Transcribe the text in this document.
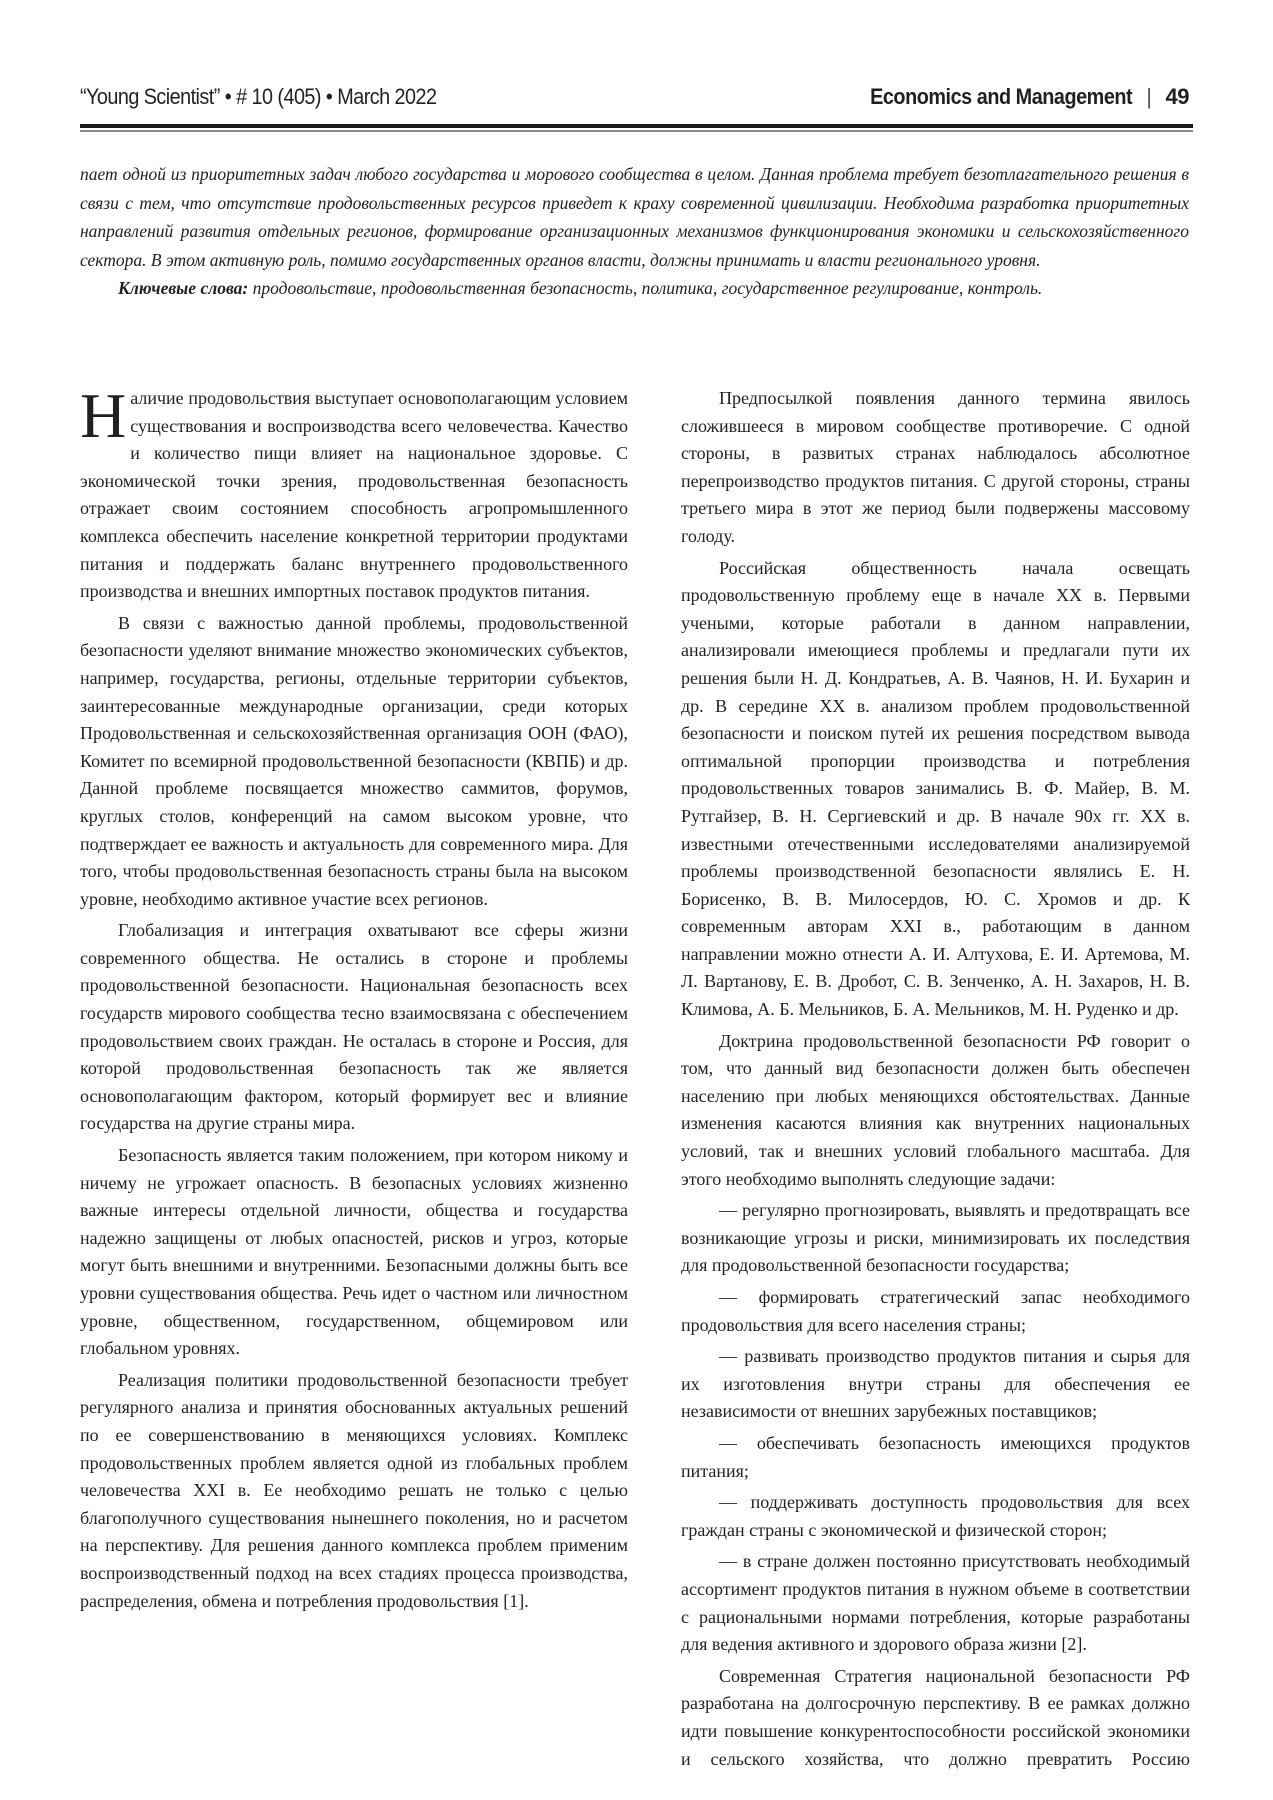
“Young Scientist” • # 10 (405) • March 2022	Economics and Management | 49

пает одной из приоритетных задач любого государства и морового сообщества в целом. Данная проблема требует безотлагательного решения в связи с тем, что отсутствие продовольственных ресурсов приведет к краху современной цивилизации. Необходима разработка приоритетных направлений развития отдельных регионов, формирование организационных механизмов функционирования экономики и сельскохозяйственного сектора. В этом активную роль, помимо государственных органов власти, должны принимать и власти регионального уровня.

Ключевые слова: продовольствие, продовольственная безопасность, политика, государственное регулирование, контроль.

Наличие продовольствия выступает основополагающим условием существования и воспроизводства всего человечества. Качество и количество пищи влияет на национальное здоровье. С экономической точки зрения, продовольственная безопасность отражает своим состоянием способность агропромышленного комплекса обеспечить население конкретной территории продуктами питания и поддержать баланс внутреннего продовольственного производства и внешних импортных поставок продуктов питания.

В связи с важностью данной проблемы, продовольственной безопасности уделяют внимание множество экономических субъектов, например, государства, регионы, отдельные территории субъектов, заинтересованные международные организации, среди которых Продовольственная и сельскохозяйственная организация ООН (ФАО), Комитет по всемирной продовольственной безопасности (КВПБ) и др. Данной проблеме посвящается множество саммитов, форумов, круглых столов, конференций на самом высоком уровне, что подтверждает ее важность и актуальность для современного мира. Для того, чтобы продовольственная безопасность страны была на высоком уровне, необходимо активное участие всех регионов.

Глобализация и интеграция охватывают все сферы жизни современного общества. Не остались в стороне и проблемы продовольственной безопасности. Национальная безопасность всех государств мирового сообщества тесно взаимосвязана с обеспечением продовольствием своих граждан. Не осталась в стороне и Россия, для которой продовольственная безопасность так же является основополагающим фактором, который формирует вес и влияние государства на другие страны мира.

Безопасность является таким положением, при котором никому и ничему не угрожает опасность. В безопасных условиях жизненно важные интересы отдельной личности, общества и государства надежно защищены от любых опасностей, рисков и угроз, которые могут быть внешними и внутренними. Безопасными должны быть все уровни существования общества. Речь идет о частном или личностном уровне, общественном, государственном, общемировом или глобальном уровнях.

Реализация политики продовольственной безопасности требует регулярного анализа и принятия обоснованных актуальных решений по ее совершенствованию в меняющихся условиях. Комплекс продовольственных проблем является одной из глобальных проблем человечества XXI в. Ее необходимо решать не только с целью благополучного существования нынешнего поколения, но и расчетом на перспективу. Для решения данного комплекса проблем применим воспроизводственный подход на всех стадиях процесса производства, распределения, обмена и потребления продовольствия [1].

Предпосылкой появления данного термина явилось сложившееся в мировом сообществе противоречие. С одной стороны, в развитых странах наблюдалось абсолютное перепроизводство продуктов питания. С другой стороны, страны третьего мира в этот же период были подвержены массовому голоду.

Российская общественность начала освещать продовольственную проблему еще в начале XX в. Первыми учеными, которые работали в данном направлении, анализировали имеющиеся проблемы и предлагали пути их решения были Н. Д. Кондратьев, А. В. Чаянов, Н. И. Бухарин и др. В середине XX в. анализом проблем продовольственной безопасности и поиском путей их решения посредством вывода оптимальной пропорции производства и потребления продовольственных товаров занимались В. Ф. Майер, В. М. Рутгайзер, В. Н. Сергиевский и др. В начале 90х гг. XX в. известными отечественными исследователями анализируемой проблемы производственной безопасности являлись Е. Н. Борисенко, В. В. Милосердов, Ю. С. Хромов и др. К современным авторам XXI в., работающим в данном направлении можно отнести А. И. Алтухова, Е. И. Артемова, М. Л. Вартанову, Е. В. Дробот, С. В. Зенченко, А. Н. Захаров, Н. В. Климова, А. Б. Мельников, Б. А. Мельников, М. Н. Руденко и др.

Доктрина продовольственной безопасности РФ говорит о том, что данный вид безопасности должен быть обеспечен населению при любых меняющихся обстоятельствах. Данные изменения касаются влияния как внутренних национальных условий, так и внешних условий глобального масштаба. Для этого необходимо выполнять следующие задачи:

— регулярно прогнозировать, выявлять и предотвращать все возникающие угрозы и риски, минимизировать их последствия для продовольственной безопасности государства;

— формировать стратегический запас необходимого продовольствия для всего населения страны;

— развивать производство продуктов питания и сырья для их изготовления внутри страны для обеспечения ее независимости от внешних зарубежных поставщиков;

— обеспечивать безопасность имеющихся продуктов питания;

— поддерживать доступность продовольствия для всех граждан страны с экономической и физической сторон;

— в стране должен постоянно присутствовать необходимый ассортимент продуктов питания в нужном объеме в соответствии с рациональными нормами потребления, которые разработаны для ведения активного и здорового образа жизни [2].

Современная Стратегия национальной безопасности РФ разработана на долгосрочную перспективу. В ее рамках должно идти повышение конкурентоспособности российской экономики и сельского хозяйства, что должно превратить Россию
